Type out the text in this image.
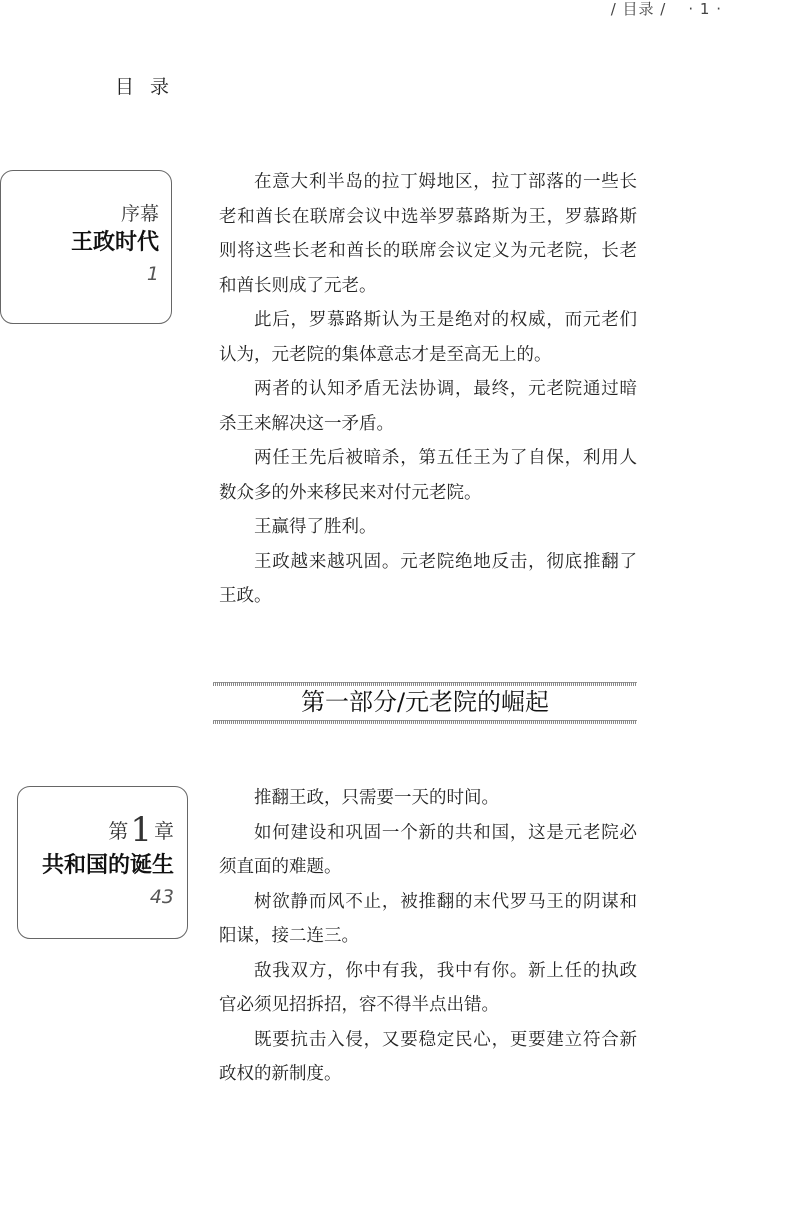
/ 目录 / · 1 ·
目录
序幕
王政时代
1

在意大利半岛的拉丁姆地区，拉丁部落的一些长老和酋长在联席会议中选举罗慕路斯为王，罗慕路斯则将这些长老和酋长的联席会议定义为元老院，长老和酋长则成了元老。

此后，罗慕路斯认为王是绝对的权威，而元老们认为，元老院的集体意志才是至高无上的。

两者的认知矛盾无法协调，最终，元老院通过暗杀王来解决这一矛盾。

两任王先后被暗杀，第五任王为了自保，利用人数众多的外来移民来对付元老院。

王赢得了胜利。

王政越来越巩固。元老院绝地反击，彻底推翻了王政。

第一部分/元老院的崛起
第1 章
共和国的诞生
43

推翻王政，只需要一天的时间。

如何建设和巩固一个新的共和国，这是元老院必须直面的难题。

树欲静而风不止，被推翻的末代罗马王的阴谋和阳谋，接二连三。

敌我双方，你中有我，我中有你。新上任的执政官必须见招拆招，容不得半点出错。

既要抗击入侵，又要稳定民心，更要建立符合新政权的新制度。
